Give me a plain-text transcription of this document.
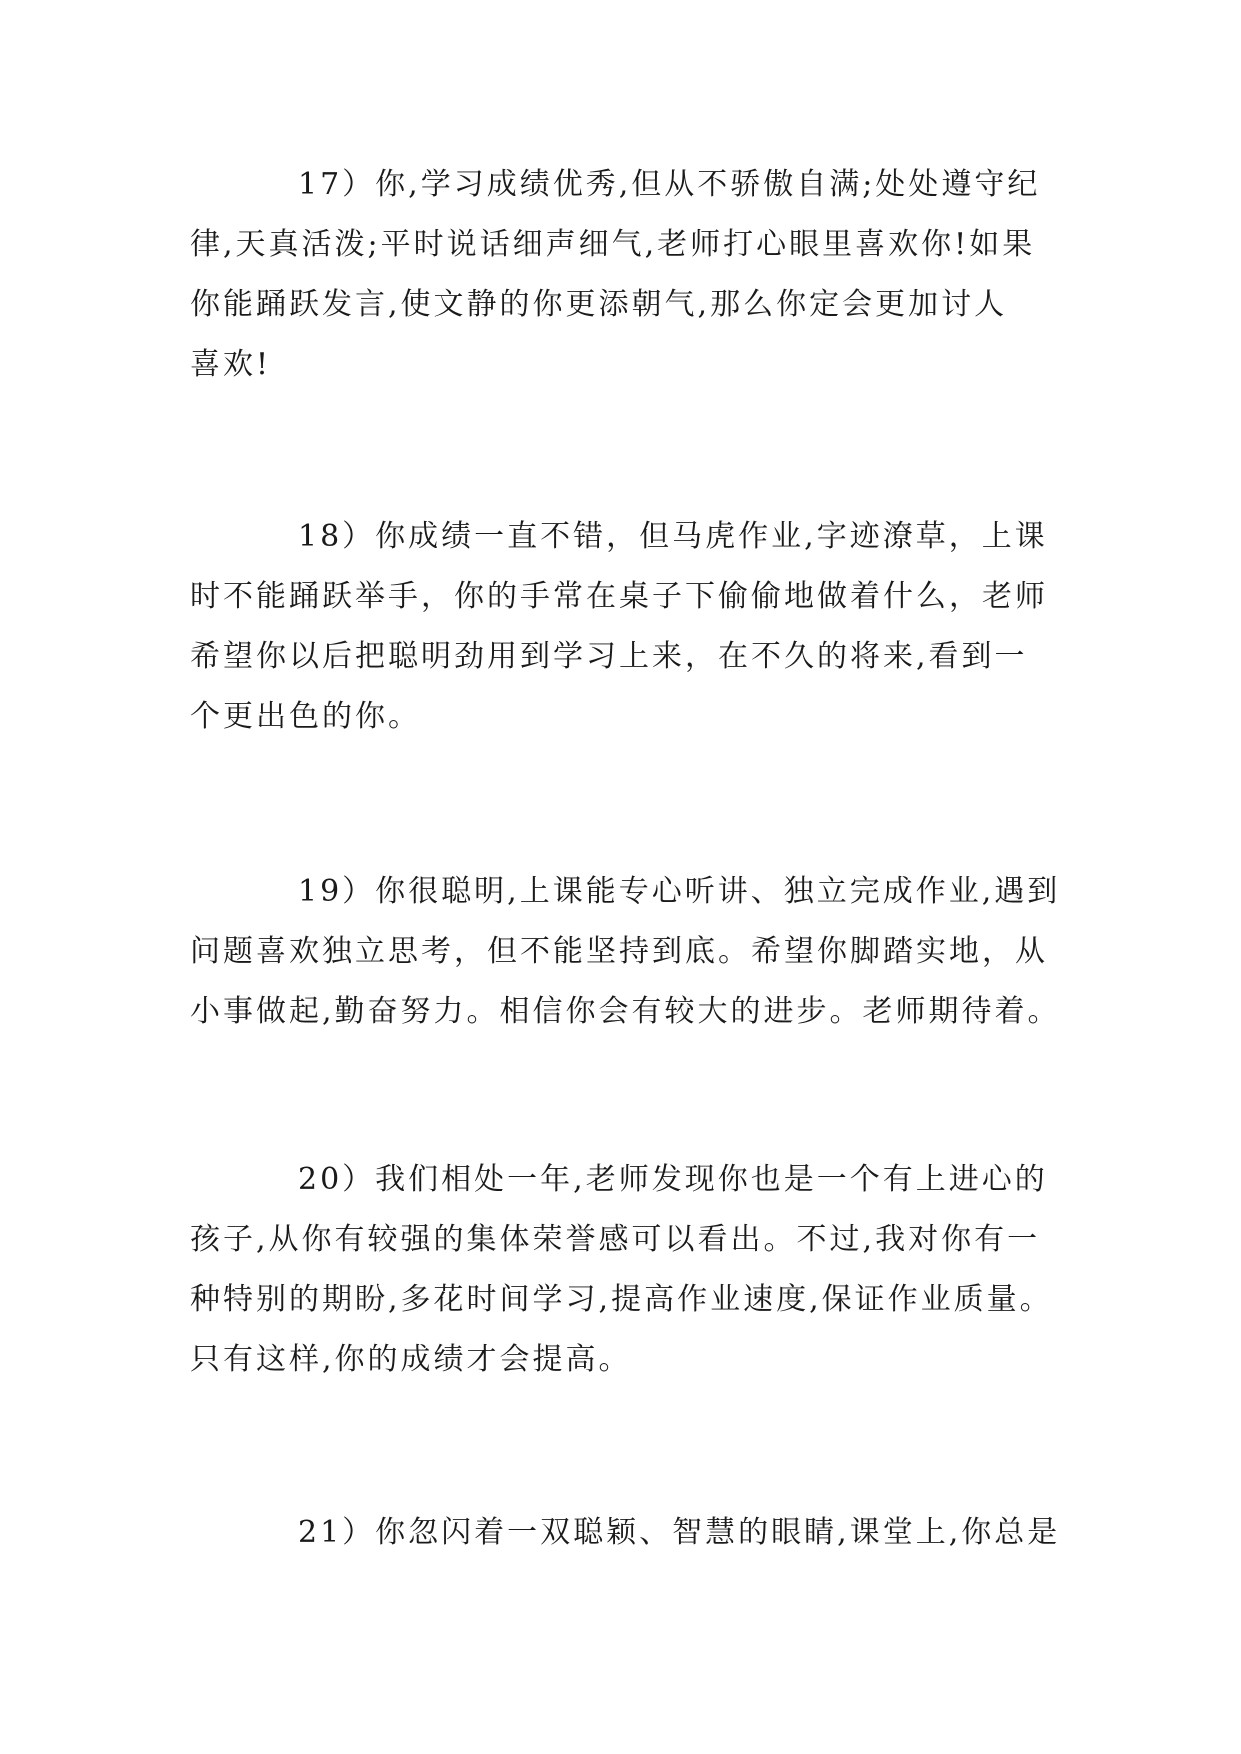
17）你,学习成绩优秀,但从不骄傲自满;处处遵守纪
律,天真活泼;平时说话细声细气,老师打心眼里喜欢你!如果
你能踊跃发言,使文静的你更添朝气,那么你定会更加讨人
喜欢!
18）你成绩一直不错，但马虎作业,字迹潦草，上课
时不能踊跃举手，你的手常在桌子下偷偷地做着什么，老师
希望你以后把聪明劲用到学习上来，在不久的将来,看到一
个更出色的你。
19）你很聪明,上课能专心听讲、独立完成作业,遇到
问题喜欢独立思考，但不能坚持到底。希望你脚踏实地，从
小事做起,勤奋努力。相信你会有较大的进步。老师期待着。
20）我们相处一年,老师发现你也是一个有上进心的
孩子,从你有较强的集体荣誉感可以看出。不过,我对你有一
种特别的期盼,多花时间学习,提高作业速度,保证作业质量。
只有这样,你的成绩才会提高。
21）你忽闪着一双聪颖、智慧的眼睛,课堂上,你总是
